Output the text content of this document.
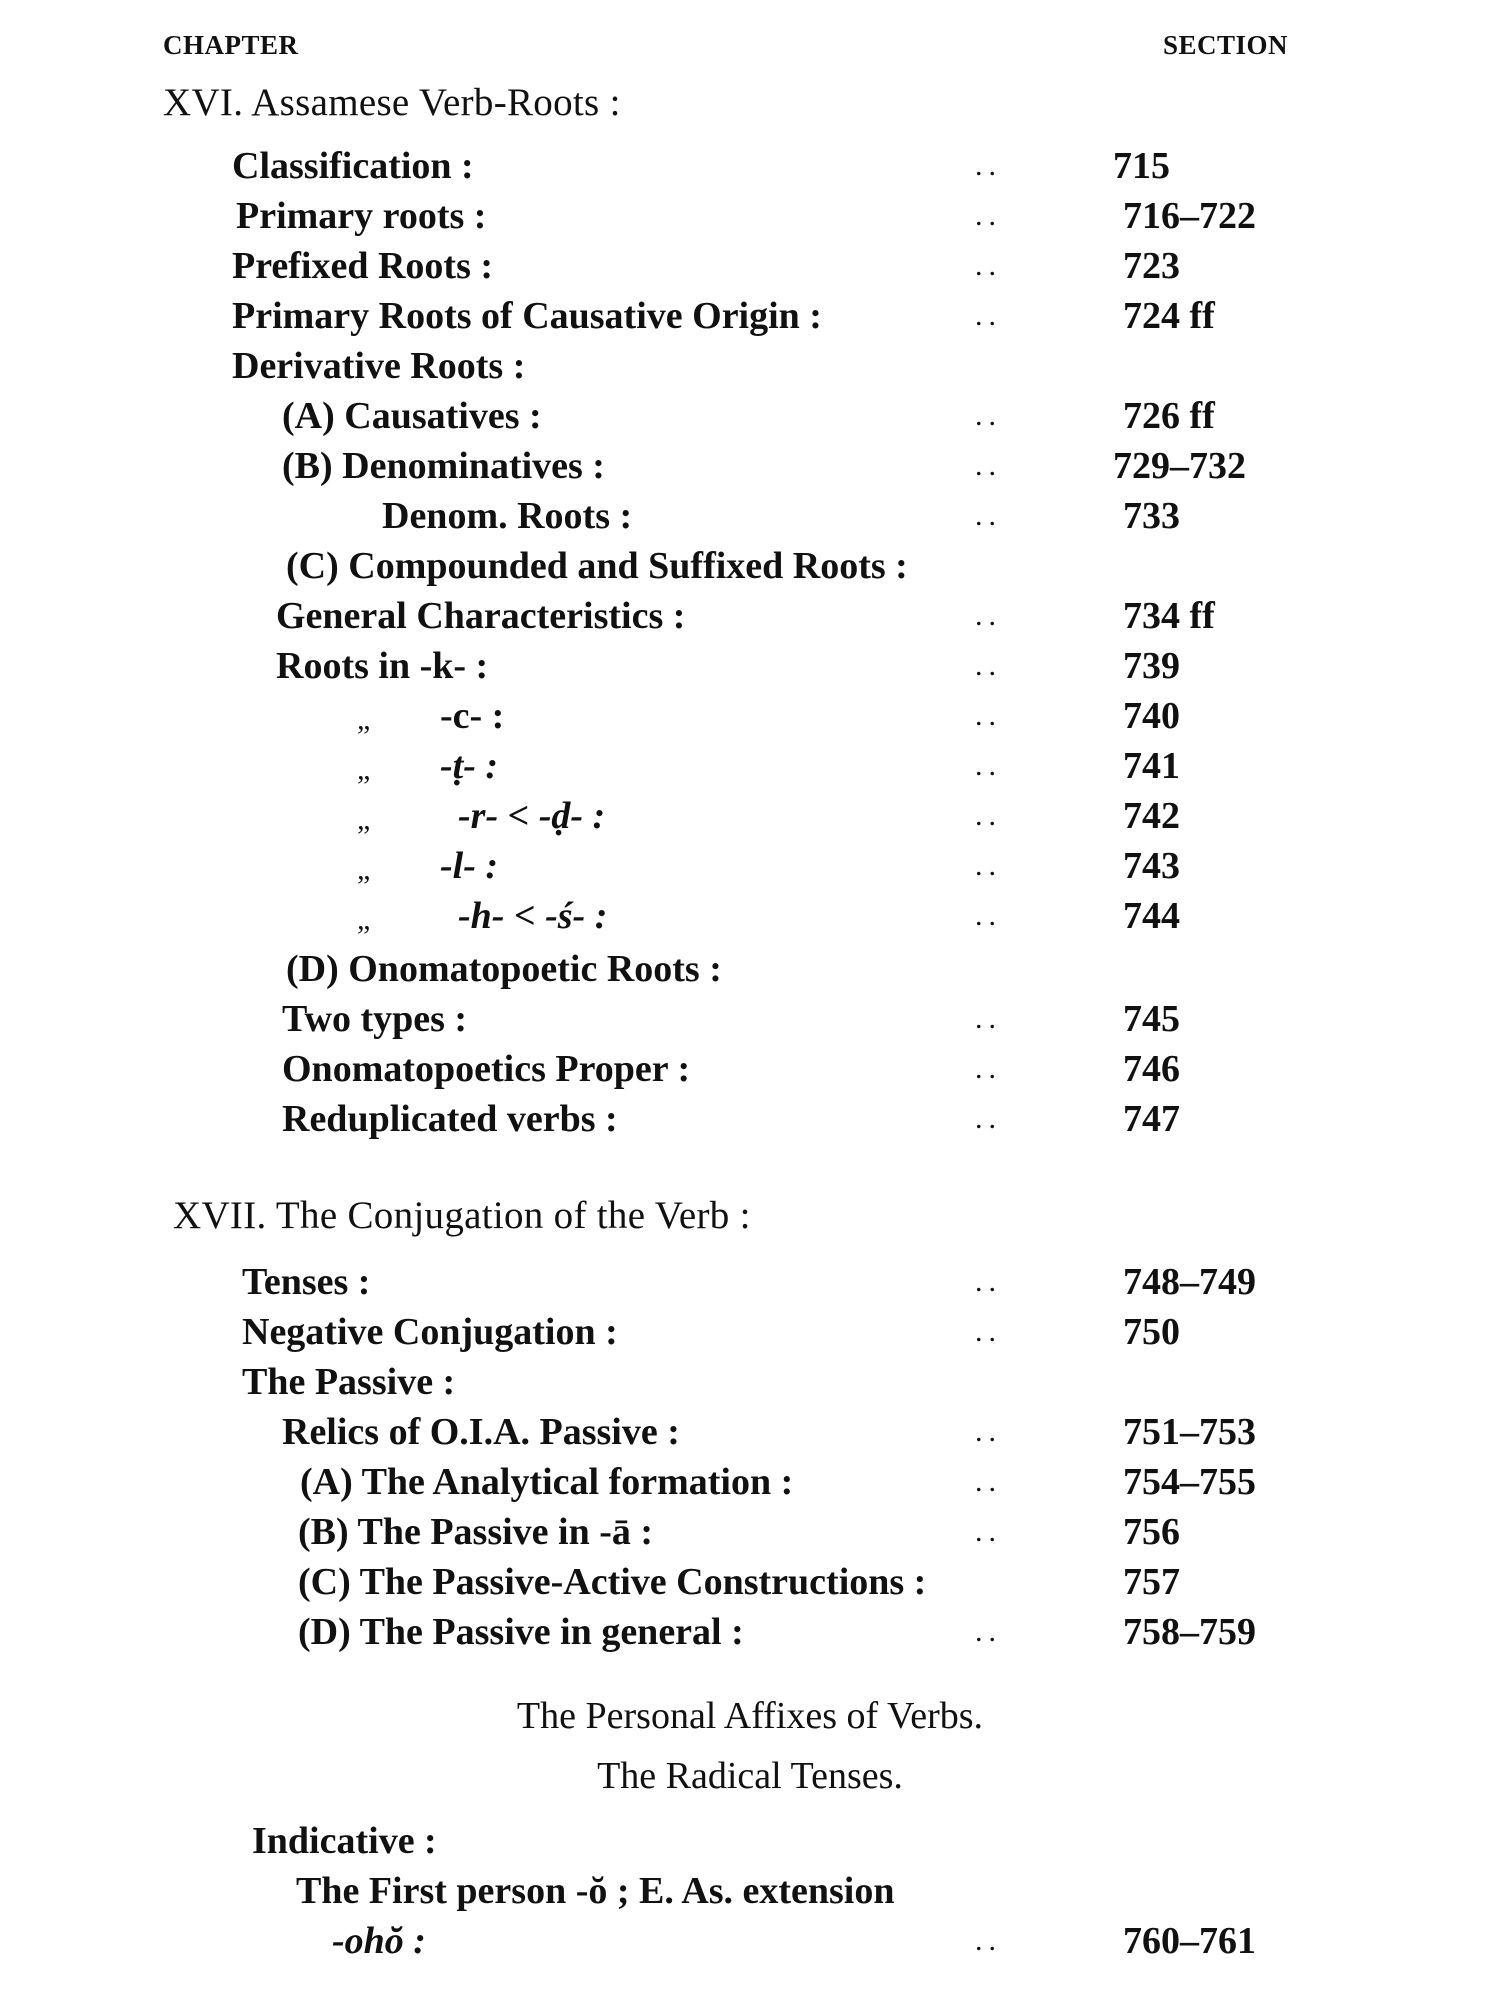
CHAPTER	SECTION
XVI. Assamese Verb-Roots :
Classification :	..	715
Primary roots :	..	716–722
Prefixed Roots :	..	723
Primary Roots of Causative Origin :	..	724 ff
Derivative Roots :
(A) Causatives :	..	726 ff
(B) Denominatives :	..	729–732
Denom. Roots :	..	733
(C) Compounded and Suffixed Roots :
General Characteristics :	..	734 ff
Roots in -k- :	..	739
„ -c- :	..	740
„ -ṭ- :	..	741
„ -r- < -ḍ- :	..	742
„ -l- :	..	743
„ -h- < -ś- :	..	744
(D) Onomatopoetic Roots :
Two types :	..	745
Onomatopoetics Proper :	..	746
Reduplicated verbs :	..	747
XVII. The Conjugation of the Verb :
Tenses :	..	748–749
Negative Conjugation :	..	750
The Passive :
Relics of O.I.A. Passive :	..	751–753
(A) The Analytical formation :	..	754–755
(B) The Passive in -ā :	..	756
(C) The Passive-Active Constructions :	757
(D) The Passive in general :	..	758–759
The Personal Affixes of Verbs.
The Radical Tenses.
Indicative :
The First person -ŏ ; E. As. extension
-ohŏ :	..	760–761
